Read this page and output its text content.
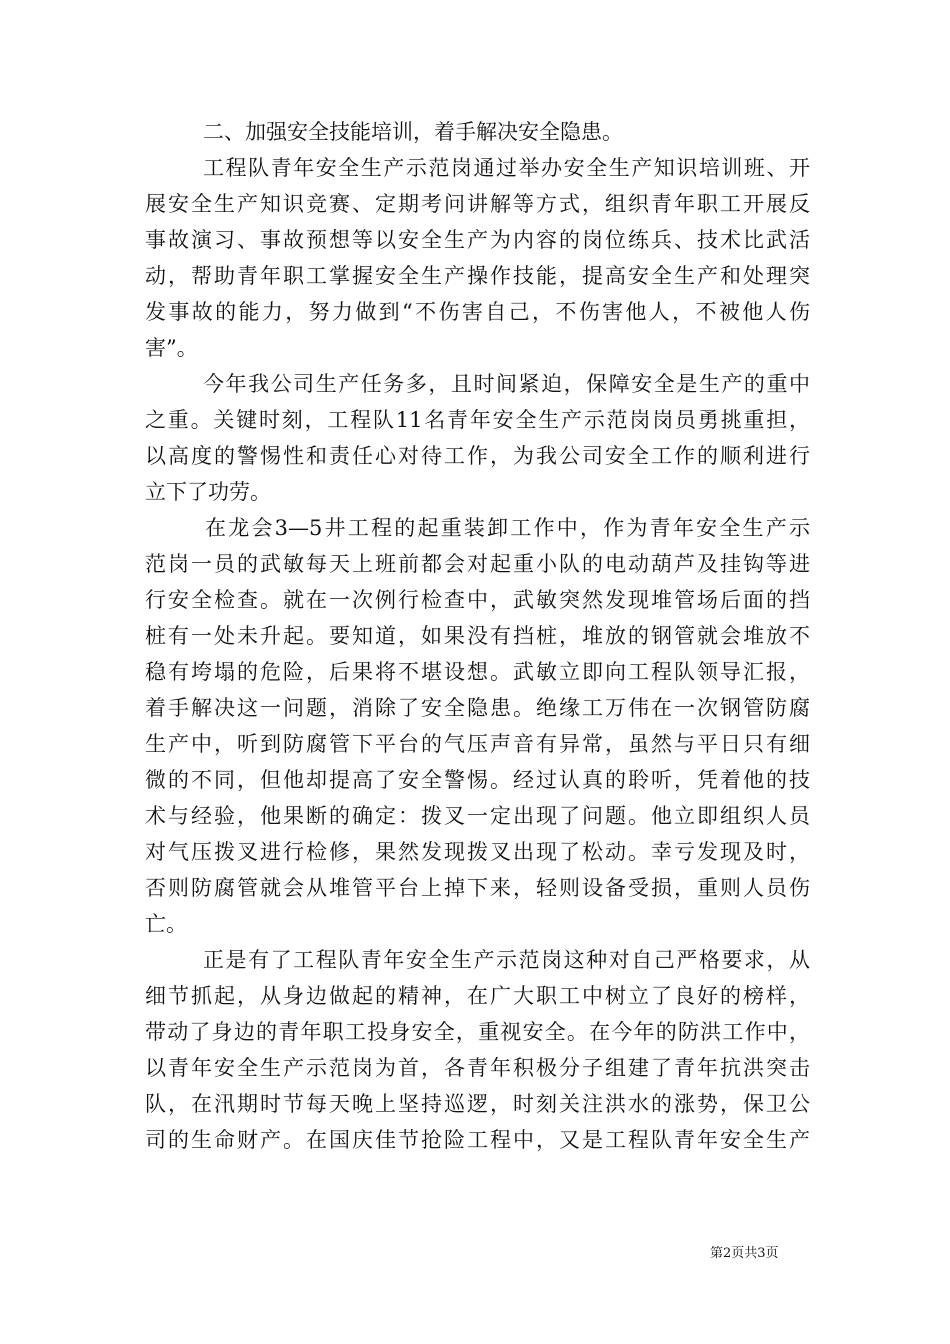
二、加强安全技能培训，着手解决安全隐患。
工程队青年安全生产示范岗通过举办安全生产知识培训班、开
展安全生产知识竞赛、定期考问讲解等方式，组织青年职工开展反
事故演习、事故预想等以安全生产为内容的岗位练兵、技术比武活
动，帮助青年职工掌握安全生产操作技能，提高安全生产和处理突
发事故的能力，努力做到“不伤害自己，不伤害他人，不被他人伤
害”。
今年我公司生产任务多，且时间紧迫，保障安全是生产的重中
之重。关键时刻，工程队11名青年安全生产示范岗岗员勇挑重担，
以高度的警惕性和责任心对待工作，为我公司安全工作的顺利进行
立下了功劳。
在龙会3—5井工程的起重装卸工作中，作为青年安全生产示
范岗一员的武敏每天上班前都会对起重小队的电动葫芦及挂钩等进
行安全检查。就在一次例行检查中，武敏突然发现堆管场后面的挡
桩有一处未升起。要知道，如果没有挡桩，堆放的钢管就会堆放不
稳有垮塌的危险，后果将不堪设想。武敏立即向工程队领导汇报，
着手解决这一问题，消除了安全隐患。绝缘工万伟在一次钢管防腐
生产中，听到防腐管下平台的气压声音有异常，虽然与平日只有细
微的不同，但他却提高了安全警惕。经过认真的聆听，凭着他的技
术与经验，他果断的确定：拨叉一定出现了问题。他立即组织人员
对气压拨叉进行检修，果然发现拨叉出现了松动。幸亏发现及时，
否则防腐管就会从堆管平台上掉下来，轻则设备受损，重则人员伤
亡。
正是有了工程队青年安全生产示范岗这种对自己严格要求，从
细节抓起，从身边做起的精神，在广大职工中树立了良好的榜样，
带动了身边的青年职工投身安全，重视安全。在今年的防洪工作中，
以青年安全生产示范岗为首，各青年积极分子组建了青年抗洪突击
队，在汛期时节每天晚上坚持巡逻，时刻关注洪水的涨势，保卫公
司的生命财产。在国庆佳节抢险工程中，又是工程队青年安全生产
第2页共3页
